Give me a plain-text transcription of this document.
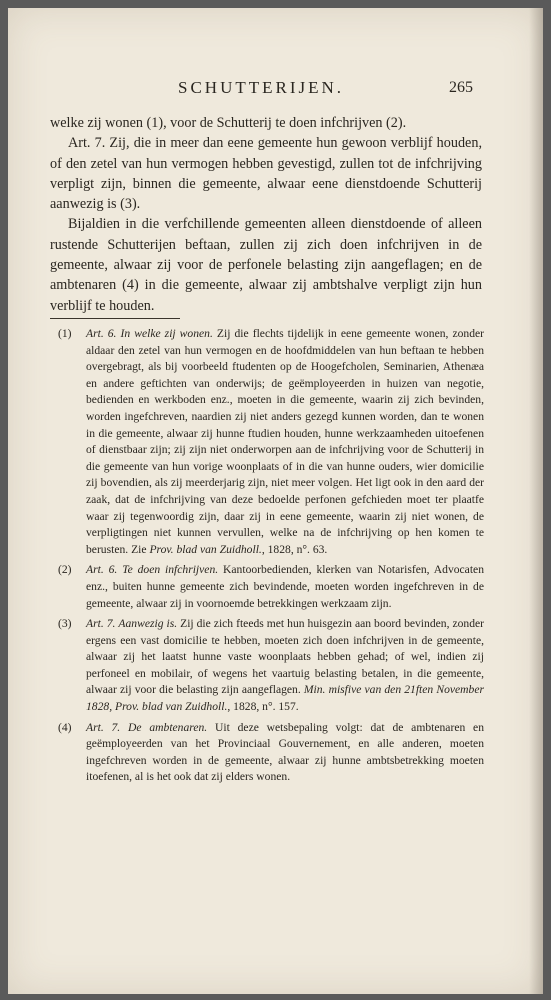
SCHUTTERIJEN.	265

welke zij wonen (1), voor de Schutterij te doen infchrijven (2).

Art. 7. Zij, die in meer dan eene gemeente hun gewoon verblijf houden, of den zetel van hun vermogen hebben gevestigd, zullen tot de infchrijving verpligt zijn, binnen die gemeente, alwaar eene dienstdoende Schutterij aanwezig is (3).

Bijaldien in die verfchillende gemeenten alleen dienstdoende of alleen rustende Schutterijen beftaan, zullen zij zich doen infchrijven in de gemeente, alwaar zij voor de perfonele belasting zijn aangeflagen; en de ambtenaren (4) in die gemeente, alwaar zij ambtshalve verpligt zijn hun verblijf te houden.

(1) Art. 6. In welke zij wonen. Zij die flechts tijdelijk in eene gemeente wonen, zonder aldaar den zetel van hun vermogen en de hoofdmiddelen van hun beftaan te hebben overgebragt, als bij voorbeeld ftudenten op de Hoogefcholen, Seminarien, Athenæa en andere geftichten van onderwijs; de geëmployeerden in huizen van negotie, bedienden en werkboden enz., moeten in die gemeente, waarin zij zich bevinden, worden ingefchreven, naardien zij niet anders gezegd kunnen worden, dan te wonen in die gemeente, alwaar zij hunne ftudien houden, hunne werkzaamheden uitoefenen of dienstbaar zijn; zij zijn niet onderworpen aan de infchrijving voor de Schutterij in die gemeente van hun vorige woonplaats of in die van hunne ouders, wier domicilie zij bovendien, als zij meerderjarig zijn, niet meer volgen. Het ligt ook in den aard der zaak, dat de infchrijving van deze bedoelde perfonen gefchieden moet ter plaatfe waar zij tegenwoordig zijn, daar zij in eene gemeente, waarin zij niet wonen, de verpligtingen niet kunnen vervullen, welke na de infchrijving op hen komen te berusten. Zie Prov. blad van Zuidholl., 1828, n°. 63.

(2) Art. 6. Te doen infchrijven. Kantoorbedienden, klerken van Notarisfen, Advocaten enz., buiten hunne gemeente zich bevindende, moeten worden ingefchreven in de gemeente, alwaar zij in voornoemde betrekkingen werkzaam zijn.

(3) Art. 7. Aanwezig is. Zij die zich fteeds met hun huisgezin aan boord bevinden, zonder ergens een vast domicilie te hebben, moeten zich doen infchrijven in de gemeente, alwaar zij het laatst hunne vaste woonplaats hebben gehad; of wel, indien zij perfoneel en mobilair, of wegens het vaartuig belasting betalen, in die gemeente, alwaar zij voor die belasting zijn aangeflagen. Min. misfive van den 21ften November 1828, Prov. blad van Zuidholl., 1828, n°. 157.

(4) Art. 7. De ambtenaren. Uit deze wetsbepaling volgt: dat de ambtenaren en geëmployeerden van het Provinciaal Gouvernement, en alle anderen, moeten ingefchreven worden in de gemeente, alwaar zij hunne ambtsbetrekking moeten itoefenen, al is het ook dat zij elders wonen.
